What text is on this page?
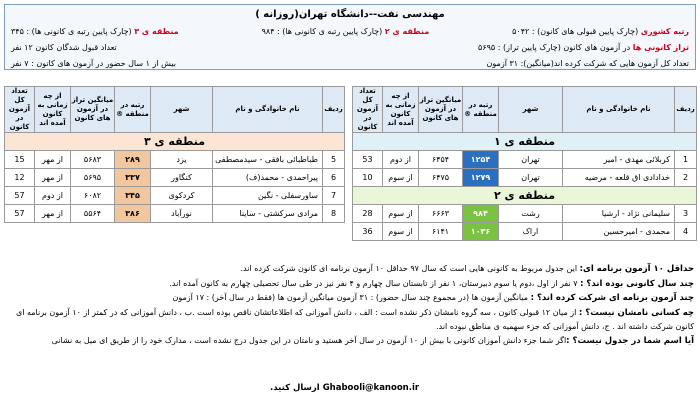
مهندسی نفت--دانشگاه تهران(روزانه )
رتبه کشوری (چارک پایین قبولی های کانون) : ۵۰۴۲
منطقه ی ۲ (چارک پایین رتبه ی کانونی ها) : ۹۸۴
منطقه ی ۳ (چارک پایین رتبه ی کانونی ها) : ۳۴۵
تراز کانونی ها در آزمون های کانون (چارک پایین تراز) : ۵۶۹۵
تعداد قبول شدگان کانون ۱۲ نفر
تعداد کل آزمون هایی که شرکت کرده اند(میانگین): ۳۱ آزمون
بیش از ۱ سال حضور در آزمون های کانون : ۷ نفر
ردیف	نام خانوادگی و نام	شهر	رتبه در منطقه ®	میانگین تراز در آزمون های کانون	از چه زمانی به کانون آمده اند	تعداد کل آزمون در کانون
منطقه ی ۱						
1	کربلائی مهدی - امیر	تهران	۱۲۵۴	۶۴۵۴	از دوم	53
2	خدادادی اق قلعه - مرضیه	تهران	۱۲۷۹	۶۴۷۵	از سوم	10
منطقه ی ۲						
3	سلیمانی نژاد - ارشیا	رشت	۹۸۴	۶۶۶۳	از سوم	28
4	محمدی - امیرحسین	اراک	۱۰۳۶	۶۱۴۱	از سوم	36
ردیف	نام خانوادگی و نام	شهر	رتبه در منطقه ®	میانگین تراز در آزمون های کانون	از چه زمانی به کانون آمده اند	تعداد کل آزمون در کانون
منطقه ی ۳						
5	طباطبائی بافقی - سیدمصطفی	یزد	۲۸۹	۵۶۸۳	از مهر	15
6	پیراحمدی - محمد(ف)	کنگاور	۳۳۷	۵۶۹۵	از مهر	12
7	ساورسفلی - نگین	کردکوی	۳۴۵	۶۰۸۲	از دوم	57
8	مرادی سرکشتی - ساینا	نورآباد	۳۸۶	۵۵۶۴	از مهر	57

حداقل ۱۰ آزمون برنامه ای: این جدول مربوط به کانونی هایی است که سال ۹۷ حداقل ۱۰ آزمون برنامه ای کانون شرکت کرده اند.

چند سال کانونی بوده اند؟ : ۷ نفر از اول ،دوم یا سوم دبیرستان، ۱ نفر از تابستان سال چهارم و ۴ نفر نیز در طی سال تحصیلی چهارم به کانون آمده اند.

چند آزمون برنامه ای شرکت کرده اند؟ : میانگین آزمون ها (در مجموع چند سال حضور) : ۳۱ آزمون میانگین آزمون ها (فقط در سال آخر) : ۱۷ آزمون

چه کسانی نامشان نیست؟ : از میان ۱۲ قبولی کانون ، سه گروه نامشان ذکر نشده است : الف ، دانش آموزانی که اطلاعاتشان ناقص بوده است .ب ، دانش آموزانی که در کمتر از ۱۰ آزمون برنامه ای

کانون شرکت داشته اند . ج، دانش آموزانی که جزء سهمیه ی مناطق نبوده اند.

آیا اسم شما در جدول نیست؟ :اگر شما جزء دانش آموزان کانونی با بیش از ۱۰ آزمون در سال آخر هستید و نامتان در این جدول درج نشده است ، مدارک خود را از طریق ای میل به نشانی

Ghabooli@kanoon.ir ارسال کنید.
